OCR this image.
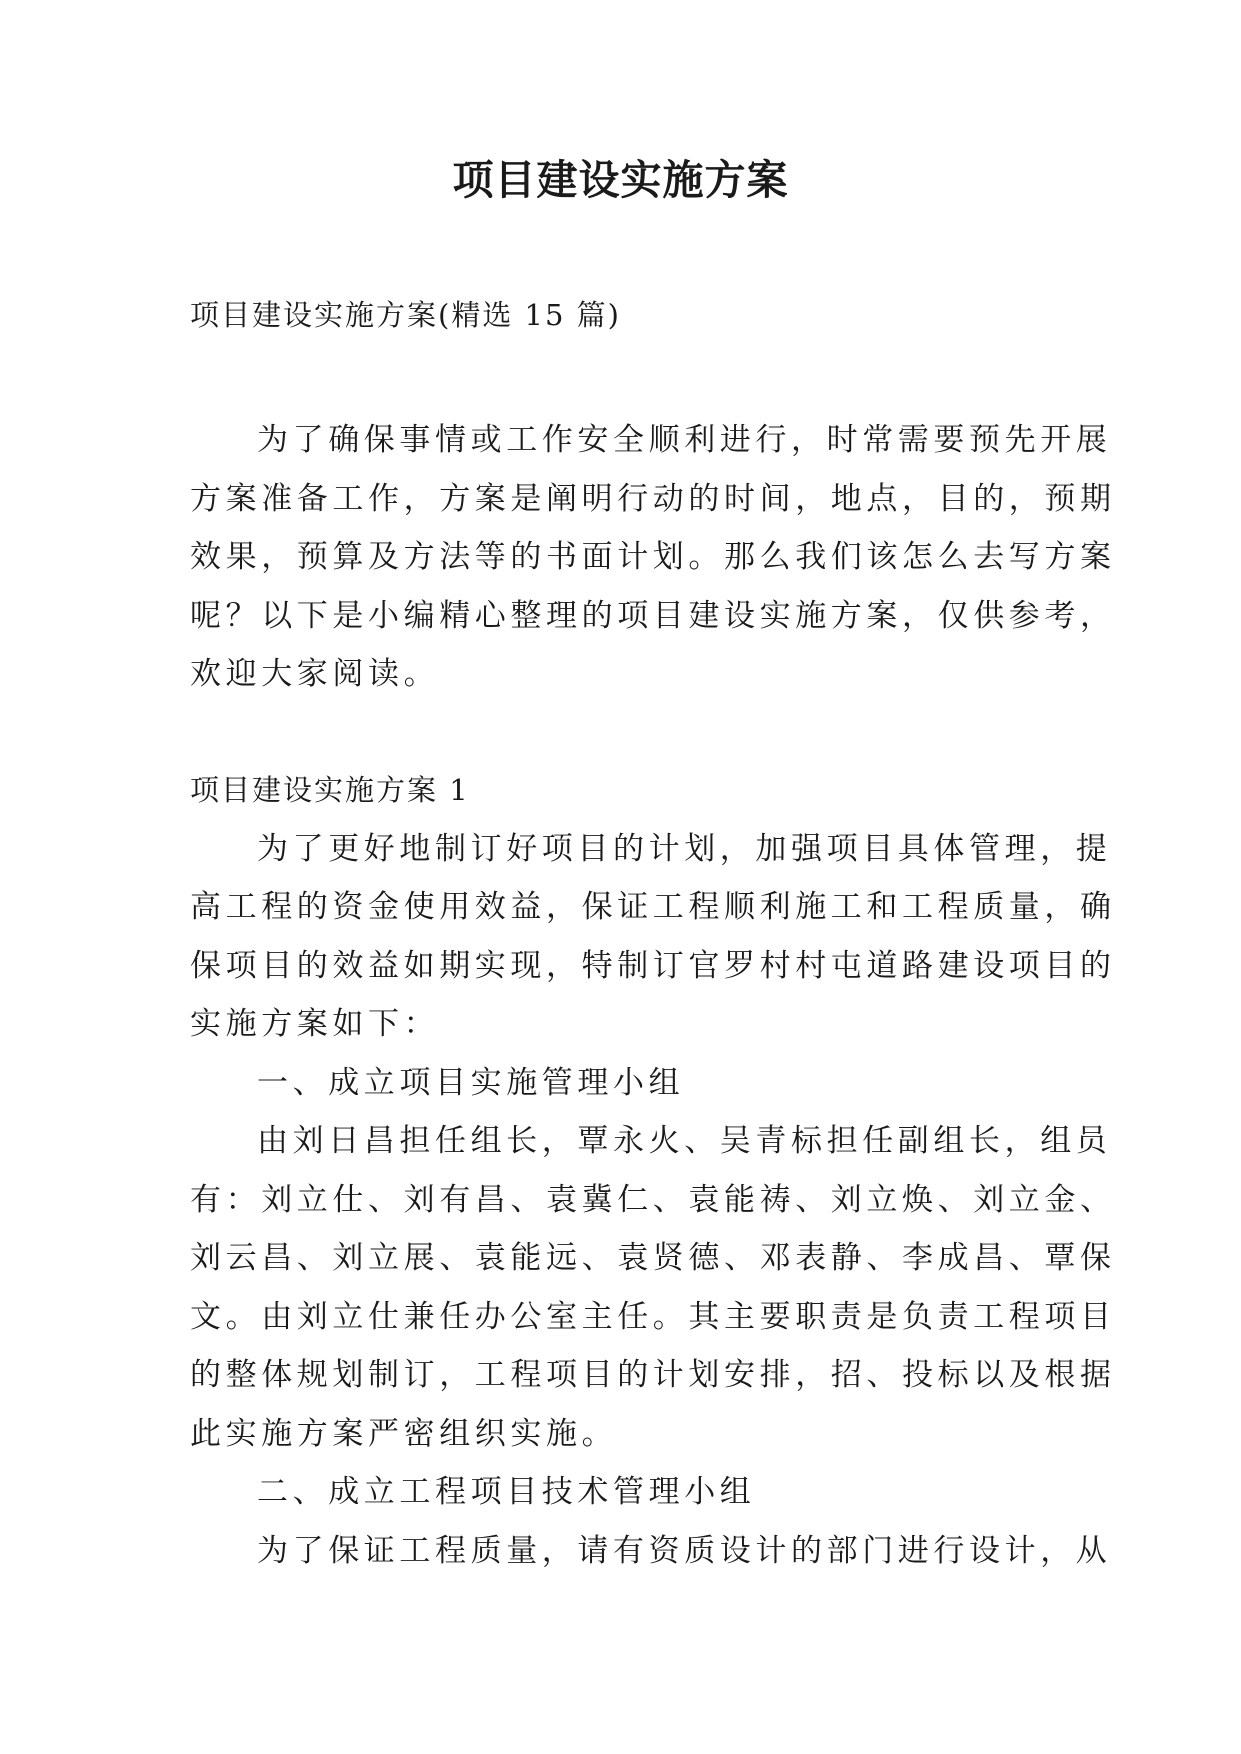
项目建设实施方案

项目建设实施方案(精选 15 篇)

为了确保事情或工作安全顺利进行，时常需要预先开展
方案准备工作，方案是阐明行动的时间，地点，目的，预期
效果，预算及方法等的书面计划。那么我们该怎么去写方案
呢？以下是小编精心整理的项目建设实施方案，仅供参考，
欢迎大家阅读。
项目建设实施方案 1
为了更好地制订好项目的计划，加强项目具体管理，提
高工程的资金使用效益，保证工程顺利施工和工程质量，确
保项目的效益如期实现，特制订官罗村村屯道路建设项目的
实施方案如下：
一、成立项目实施管理小组
由刘日昌担任组长，覃永火、吴青标担任副组长，组员
有：刘立仕、刘有昌、袁冀仁、袁能祷、刘立焕、刘立金、
刘云昌、刘立展、袁能远、袁贤德、邓表静、李成昌、覃保
文。由刘立仕兼任办公室主任。其主要职责是负责工程项目
的整体规划制订，工程项目的计划安排，招、投标以及根据
此实施方案严密组织实施。
二、成立工程项目技术管理小组
为了保证工程质量，请有资质设计的部门进行设计，从
